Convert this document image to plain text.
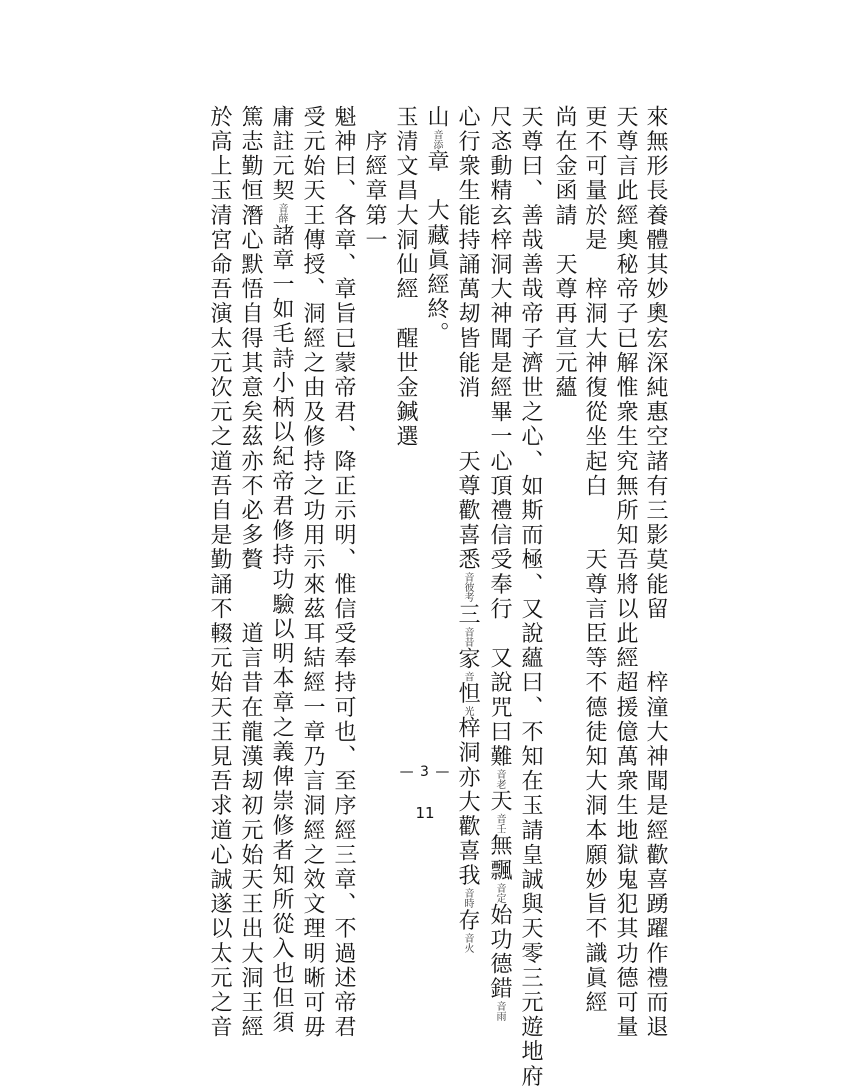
來無形長養體其妙奧宏深純惠空諸有三影莫能留　　梓潼大神聞是經歡喜踴躍作禮而退
天尊言此經奧秘帝子已解惟衆生究無所知吾將以此經超援億萬衆生地獄鬼犯其功德可量
更不可量於是　梓洞大神復從坐起白　　天尊言臣等不德徒知大洞本願妙旨不識眞經
尚在金函請　天尊再宣元蘊
天尊曰、善哉善哉帝子濟世之心、如斯而極、又說蘊曰、不知在玉請皇誠與天零三元遊地府
尺忞動精玄梓洞大神聞是經畢一心頂禮信受奉行　又說咒曰難音老天音壬無飄音定始功德錯音雨
心行衆生能持誦萬刼皆能消　　天尊歡喜悉音彼考三音昔家音怛光梓洞亦大歡喜我音時存音火
山音添章　大藏眞經終。
玉清文昌大洞仙經　醒世金鍼選
　序經章第一
魁神曰、各章、章旨已蒙帝君、降正示明、惟信受奉持可也、至序經三章、不過述帝君
受元始天王傳授、洞經之由及修持之功用示來茲耳結經一章乃言洞經之效文理明晰可毋
庸註元契音薛諸章一如毛詩小柄以紀帝君修持功驗以明本章之義俾崇修者知所從入也但須
篤志勤恒潛心默悟自得其意矣茲亦不必多贅　　道言昔在龍漢刼初元始天王出大洞王經
於高上玉清宮命吾演太元次元之道吾自是勤誦不輟元始天王見吾求道心誠遂以太元之音	— 3 —
11
